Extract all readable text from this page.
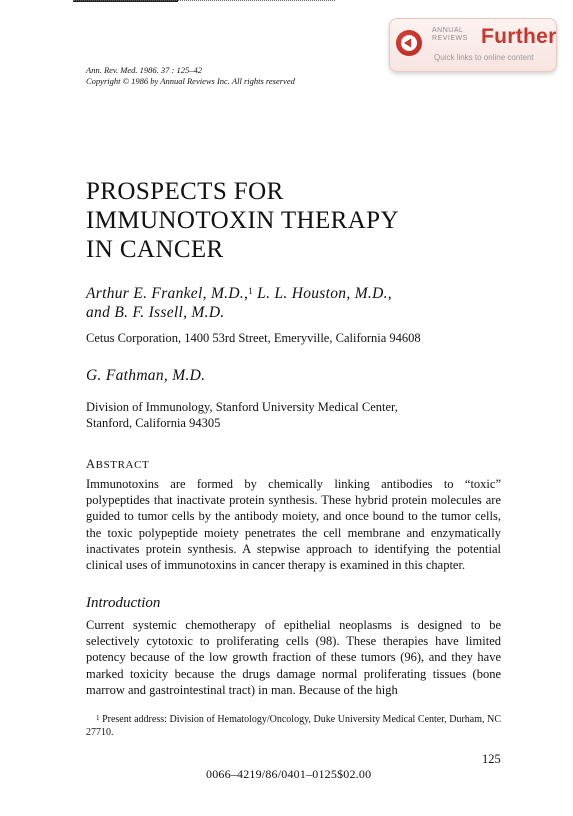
ANNUAL
REVIEWS Further
Quick links to online content
Ann. Rev. Med. 1986. 37 : 125–42
Copyright © 1986 by Annual Reviews Inc. All rights reserved
PROSPECTS FOR
IMMUNOTOXIN THERAPY
IN CANCER
Arthur E. Frankel, M.D.,$^1$ L. L. Houston, M.D.,
and B. F. Issell, M.D.
Cetus Corporation, 1400 53rd Street, Emeryville, California 94608
G. Fathman, M.D.
Division of Immunology, Stanford University Medical Center,
Stanford, California 94305
ABSTRACT

Immunotoxins are formed by chemically linking antibodies to “toxic” polypeptides that inactivate protein synthesis. These hybrid protein molecules are guided to tumor cells by the antibody moiety, and once bound to the tumor cells, the toxic polypeptide moiety penetrates the cell membrane and enzymatically inactivates protein synthesis. A stepwise approach to identifying the potential clinical uses of immunotoxins in cancer therapy is examined in this chapter.

Introduction

Current systemic chemotherapy of epithelial neoplasms is designed to be selectively cytotoxic to proliferating cells (98). These therapies have limited potency because of the low growth fraction of these tumors (96), and they have marked toxicity because the drugs damage normal proliferating tissues (bone marrow and gastrointestinal tract) in man. Because of the high

$^1$ Present address: Division of Hematology/Oncology, Duke University Medical Center, Durham, NC 27710.

125
0066–4219/86/0401–0125$02.00
